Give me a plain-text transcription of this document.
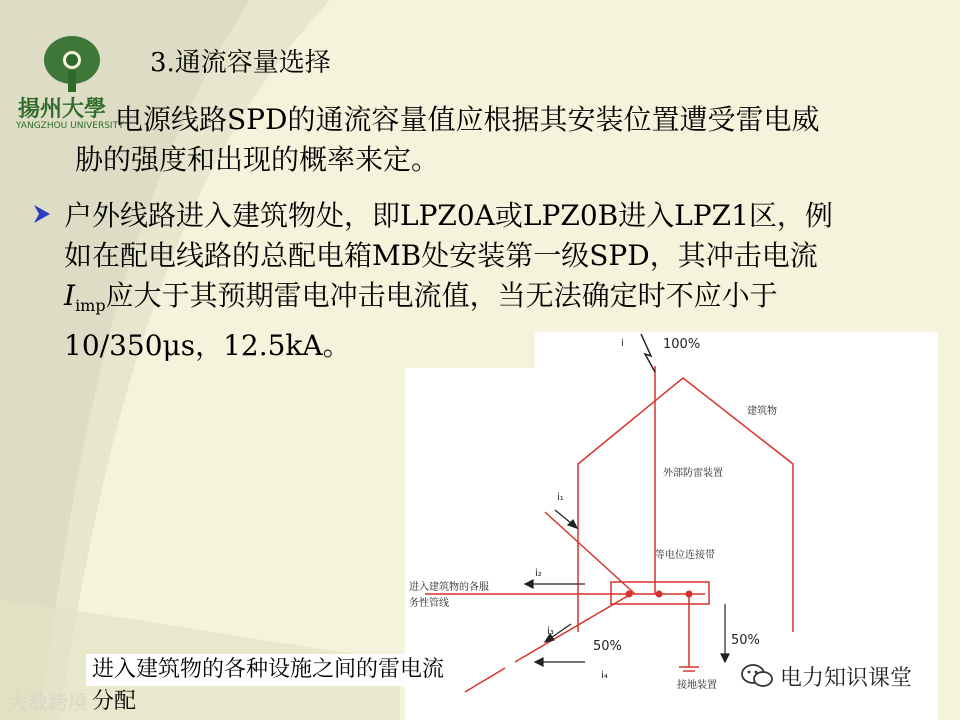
揚州大學
YANGZHOU UNIVERSITY
3.通流容量选择
电源线路SPD的通流容量值应根据其安装位置遭受雷电威
胁的强度和出现的概率来定。
户外线路进入建筑物处，即LPZ0A或LPZ0B进入LPZ1区，例
如在配电线路的总配电箱MB处安装第一级SPD，其冲击电流
$I_{imp}$应大于其预期雷电冲击电流值，当无法确定时不应小于
10/350μs，12.5kA。	i	100%
建筑物
外部防雷装置
i₁
等电位连接带
进入建筑物的各服
务性管线
i₂
i₃
50%	50%
i₄
接地装置
进入建筑物的各种设施之间的雷电流分配
大数跨境
电力知识课堂
